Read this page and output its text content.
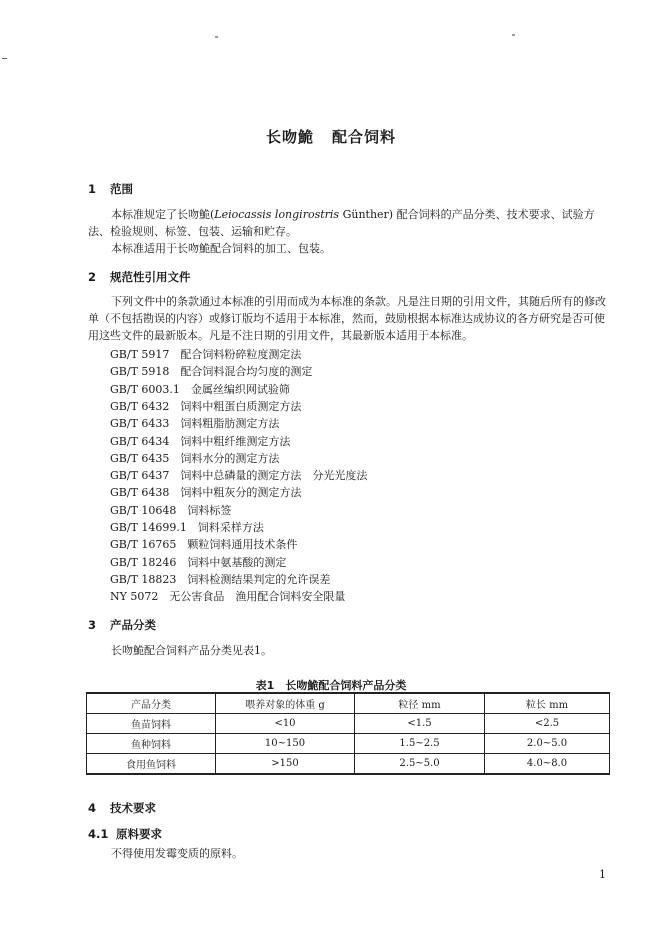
长吻鮠 配合饲料
1 范围
本标准规定了长吻鮠(Leiocassis longirostris Günther) 配合饲料的产品分类、技术要求、试验方法、检验规则、标签、包装、运输和贮存。
本标准适用于长吻鮠配合饲料的加工、包装。
2 规范性引用文件
下列文件中的条款通过本标准的引用而成为本标准的条款。凡是注日期的引用文件，其随后所有的修改单（不包括勘误的内容）或修订版均不适用于本标准，然而，鼓励根据本标准达成协议的各方研究是否可使用这些文件的最新版本。凡是不注日期的引用文件，其最新版本适用于本标准。
GB/T 5917　 配合饲料粉碎粒度测定法
GB/T 5918　 配合饲料混合均匀度的测定
GB/T 6003.1　 金属丝编织网试验筛
GB/T 6432　 饲料中粗蛋白质测定方法
GB/T 6433　 饲料粗脂肪测定方法
GB/T 6434　 饲料中粗纤维测定方法
GB/T 6435　 饲料水分的测定方法
GB/T 6437　 饲料中总磷量的测定方法　分光光度法
GB/T 6438　 饲料中粗灰分的测定方法
GB/T 10648　 饲料标签
GB/T 14699.1　 饲料采样方法
GB/T 16765　 颗粒饲料通用技术条件
GB/T 18246　 饲料中氨基酸的测定
GB/T 18823　 饲料检测结果判定的允许误差
NY 5072　 无公害食品　渔用配合饲料安全限量
3 产品分类
长吻鮠配合饲料产品分类见表1。
表1　长吻鮠配合饲料产品分类
产品分类	喂养对象的体重 g	粒径 mm	粒长 mm
鱼苗饲料	<10	<1.5	<2.5
鱼种饲料	10~150	1.5~2.5	2.0~5.0
食用鱼饲料	>150	2.5~5.0	4.0~8.0
4 技术要求
4.1 原料要求
不得使用发霉变质的原料。
1
